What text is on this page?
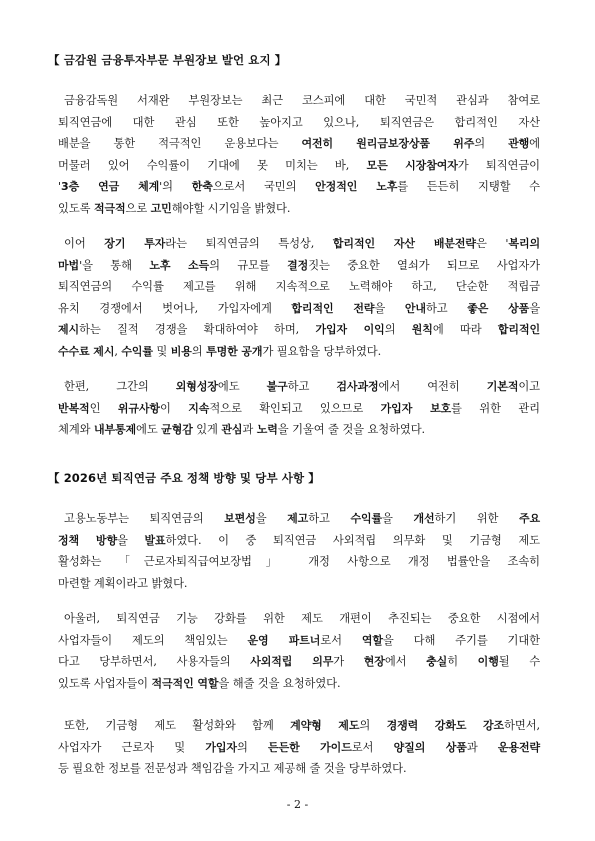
【 금감원 금융투자부문 부원장보 발언 요지 】
금융감독원 서재완 부원장보는 최근 코스피에 대한 국민적 관심과 참여로
퇴직연금에 대한 관심 또한 높아지고 있으나, 퇴직연금은 합리적인 자산
배분을 통한 적극적인 운용보다는 여전히 원리금보장상품 위주의 관행에
머물러 있어 수익률이 기대에 못 미치는 바, 모든 시장참여자가 퇴직연금이
'3층 연금 체계'의 한축으로서 국민의 안정적인 노후를 든든히 지탱할 수
있도록 적극적으로 고민해야할 시기임을 밝혔다.
이어 장기 투자라는 퇴직연금의 특성상, 합리적인 자산 배분전략은 '복리의
마법'을 통해 노후 소득의 규모를 결정짓는 중요한 열쇠가 되므로 사업자가
퇴직연금의 수익률 제고를 위해 지속적으로 노력해야 하고, 단순한 적립금
유치 경쟁에서 벗어나, 가입자에게 합리적인 전략을 안내하고 좋은 상품을
제시하는 질적 경쟁을 확대하여야 하며, 가입자 이익의 원칙에 따라 합리적인
수수료 제시, 수익률 및 비용의 투명한 공개가 필요함을 당부하였다.
한편, 그간의 외형성장에도 불구하고 검사과정에서 여전히 기본적이고
반복적인 위규사항이 지속적으로 확인되고 있으므로 가입자 보호를 위한 관리
체계와 내부통제에도 균형감 있게 관심과 노력을 기울여 줄 것을 요청하였다.
【 2026년 퇴직연금 주요 정책 방향 및 당부 사항 】
고용노동부는 퇴직연금의 보편성을 제고하고 수익률을 개선하기 위한 주요
정책 방향을 발표하였다. 이 중 퇴직연금 사외적립 의무화 및 기금형 제도
활성화는 「근로자퇴직급여보장법」 개정 사항으로 개정 법률안을 조속히
마련할 계획이라고 밝혔다.
아울러, 퇴직연금 기능 강화를 위한 제도 개편이 추진되는 중요한 시점에서
사업자들이 제도의 책임있는 운영 파트너로서 역할을 다해 주기를 기대한
다고 당부하면서, 사용자들의 사외적립 의무가 현장에서 충실히 이행될 수
있도록 사업자들이 적극적인 역할을 해줄 것을 요청하였다.
또한, 기금형 제도 활성화와 함께 계약형 제도의 경쟁력 강화도 강조하면서,
사업자가 근로자 및 가입자의 든든한 가이드로서 양질의 상품과 운용전략
등 필요한 정보를 전문성과 책임감을 가지고 제공해 줄 것을 당부하였다.
- 2 -
